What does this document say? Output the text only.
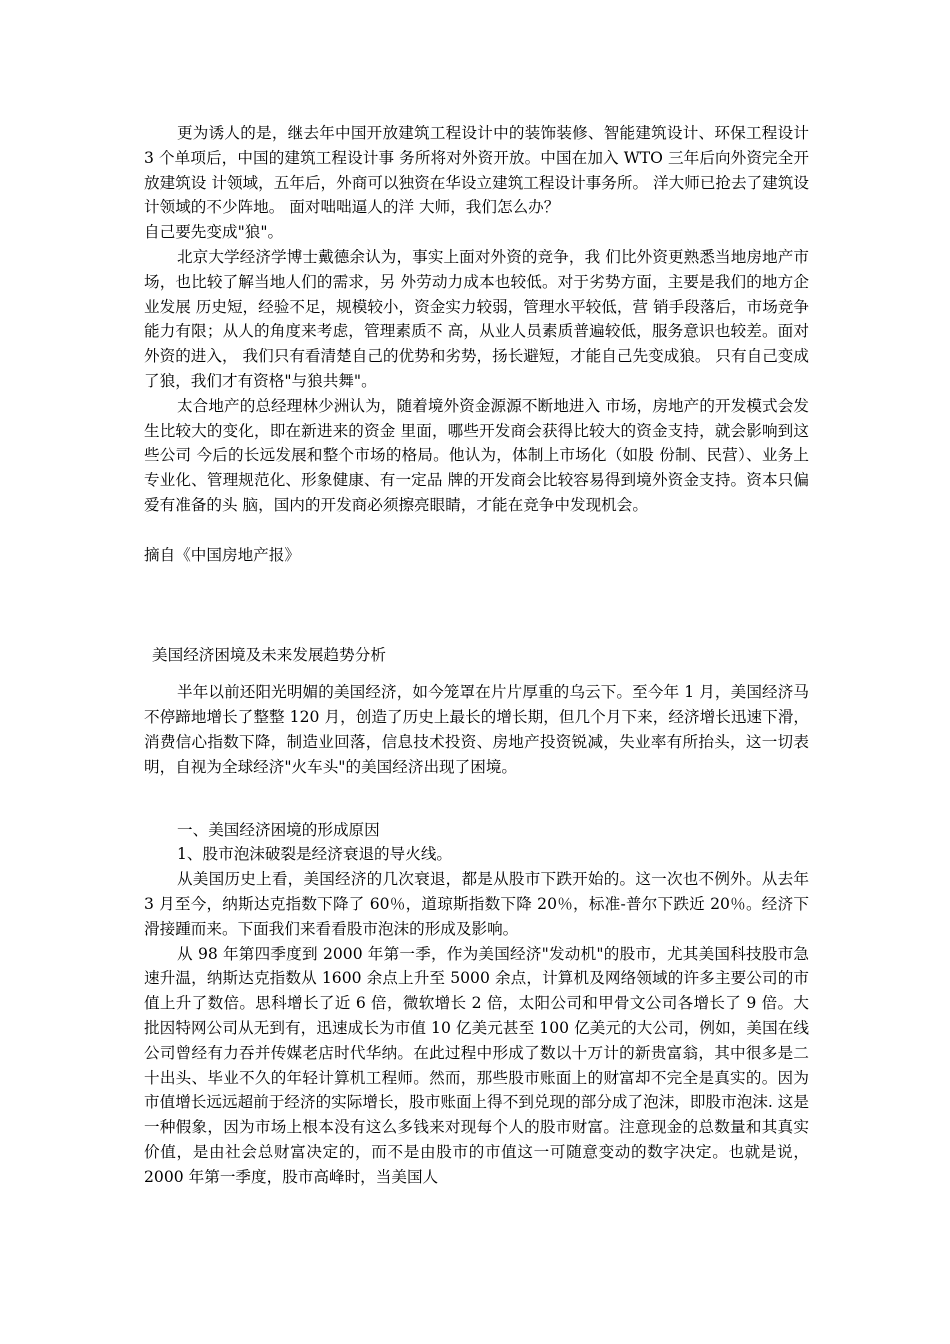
更为诱人的是，继去年中国开放建筑工程设计中的装饰装修、智能建筑设计、环保工程设计 3 个单项后，中国的建筑工程设计事 务所将对外资开放。中国在加入 WTO 三年后向外资完全开放建筑设 计领域，五年后，外商可以独资在华设立建筑工程设计事务所。 洋大师已抢去了建筑设计领域的不少阵地。 面对咄咄逼人的洋 大师，我们怎么办？

自己要先变成"狼"。

北京大学经济学博士戴德余认为，事实上面对外资的竞争，我 们比外资更熟悉当地房地产市场，也比较了解当地人们的需求，另 外劳动力成本也较低。对于劣势方面，主要是我们的地方企业发展 历史短，经验不足，规模较小，资金实力较弱，管理水平较低，营 销手段落后，市场竞争能力有限；从人的角度来考虑，管理素质不 高，从业人员素质普遍较低，服务意识也较差。面对外资的进入， 我们只有看清楚自己的优势和劣势，扬长避短，才能自己先变成狼。 只有自己变成了狼，我们才有资格"与狼共舞"。

太合地产的总经理林少洲认为，随着境外资金源源不断地进入 市场，房地产的开发模式会发生比较大的变化，即在新进来的资金 里面，哪些开发商会获得比较大的资金支持，就会影响到这些公司 今后的长远发展和整个市场的格局。他认为，体制上市场化（如股 份制、民营）、业务上专业化、管理规范化、形象健康、有一定品 牌的开发商会比较容易得到境外资金支持。资本只偏爱有准备的头 脑，国内的开发商必须擦亮眼睛，才能在竞争中发现机会。

摘自《中国房地产报》

美国经济困境及未来发展趋势分析

半年以前还阳光明媚的美国经济，如今笼罩在片片厚重的乌云下。至今年 1 月，美国经济马不停蹄地增长了整整 120 月，创造了历史上最长的增长期，但几个月下来，经济增长迅速下滑，消费信心指数下降，制造业回落，信息技术投资、房地产投资锐减，失业率有所抬头，这一切表明，自视为全球经济"火车头"的美国经济出现了困境。

一、美国经济困境的形成原因

1、股市泡沫破裂是经济衰退的导火线。

从美国历史上看，美国经济的几次衰退，都是从股市下跌开始的。这一次也不例外。从去年 3 月至今，纳斯达克指数下降了 60％，道琼斯指数下降 20％，标准-普尔下跌近 20％。经济下滑接踵而来。下面我们来看看股市泡沫的形成及影响。

从 98 年第四季度到 2000 年第一季，作为美国经济"发动机"的股市，尤其美国科技股市急速升温，纳斯达克指数从 1600 余点上升至 5000 余点，计算机及网络领域的许多主要公司的市值上升了数倍。思科增长了近 6 倍，微软增长 2 倍，太阳公司和甲骨文公司各增长了 9 倍。大批因特网公司从无到有，迅速成长为市值 10 亿美元甚至 100 亿美元的大公司，例如，美国在线公司曾经有力吞并传媒老店时代华纳。在此过程中形成了数以十万计的新贵富翁，其中很多是二十出头、毕业不久的年轻计算机工程师。然而，那些股市账面上的财富却不完全是真实的。因为市值增长远远超前于经济的实际增长，股市账面上得不到兑现的部分成了泡沫，即股市泡沫. 这是一种假象，因为市场上根本没有这么多钱来对现每个人的股市财富。注意现金的总数量和其真实价值，是由社会总财富决定的，而不是由股市的市值这一可随意变动的数字决定。也就是说，2000 年第一季度，股市高峰时，当美国人
